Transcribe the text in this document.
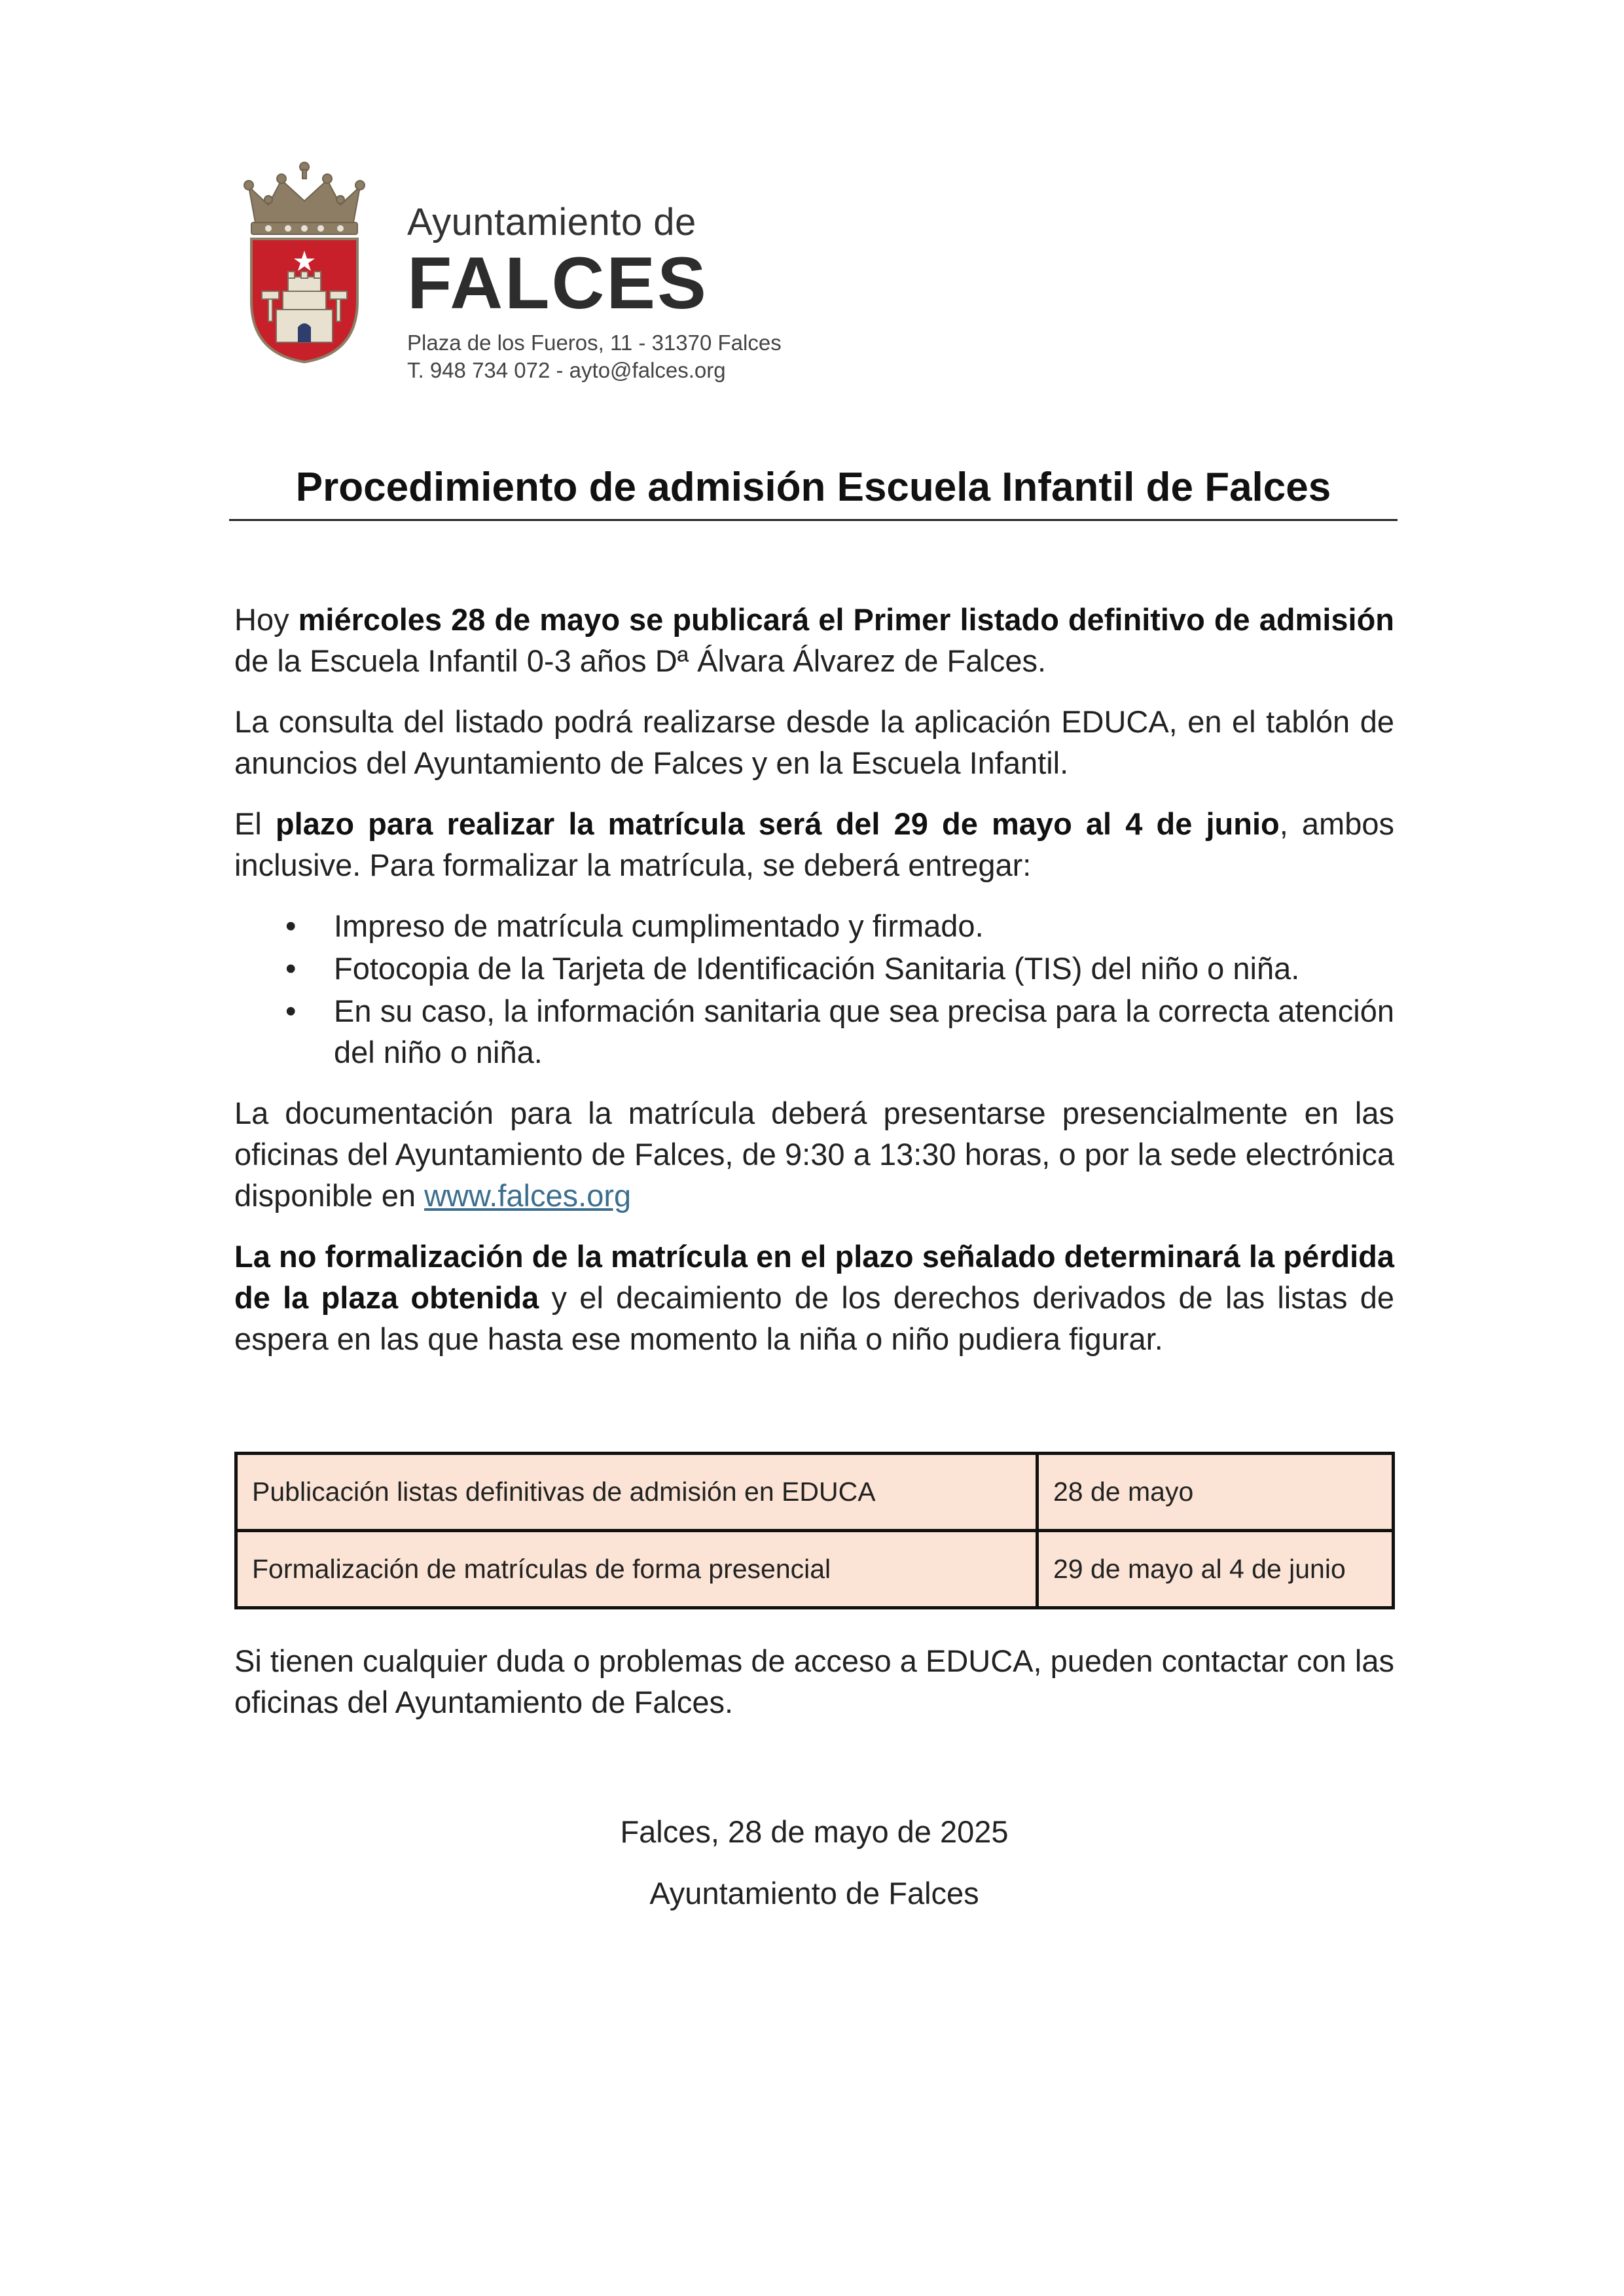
Ayuntamiento de
FALCES
Plaza de los Fueros, 11 - 31370 Falces
T. 948 734 072 - ayto@falces.org
Procedimiento de admisión Escuela Infantil de Falces

Hoy miércoles 28 de mayo se publicará el Primer listado definitivo de admisión de la Escuela Infantil 0-3 años Dª Álvara Álvarez de Falces.

La consulta del listado podrá realizarse desde la aplicación EDUCA, en el tablón de anuncios del Ayuntamiento de Falces y en la Escuela Infantil.

El plazo para realizar la matrícula será del 29 de mayo al 4 de junio, ambos inclusive. Para formalizar la matrícula, se deberá entregar:

• Impreso de matrícula cumplimentado y firmado.
• Fotocopia de la Tarjeta de Identificación Sanitaria (TIS) del niño o niña.
• En su caso, la información sanitaria que sea precisa para la correcta atención del niño o niña.

La documentación para la matrícula deberá presentarse presencialmente en las oficinas del Ayuntamiento de Falces, de 9:30 a 13:30 horas, o por la sede electrónica disponible en www.falces.org

La no formalización de la matrícula en el plazo señalado determinará la pérdida de la plaza obtenida y el decaimiento de los derechos derivados de las listas de espera en las que hasta ese momento la niña o niño pudiera figurar.

Publicación listas definitivas de admisión en EDUCA	28 de mayo
Formalización de matrículas de forma presencial	29 de mayo al 4 de junio
Si tienen cualquier duda o problemas de acceso a EDUCA, pueden contactar con las oficinas del Ayuntamiento de Falces.
Falces, 28 de mayo de 2025
Ayuntamiento de Falces
